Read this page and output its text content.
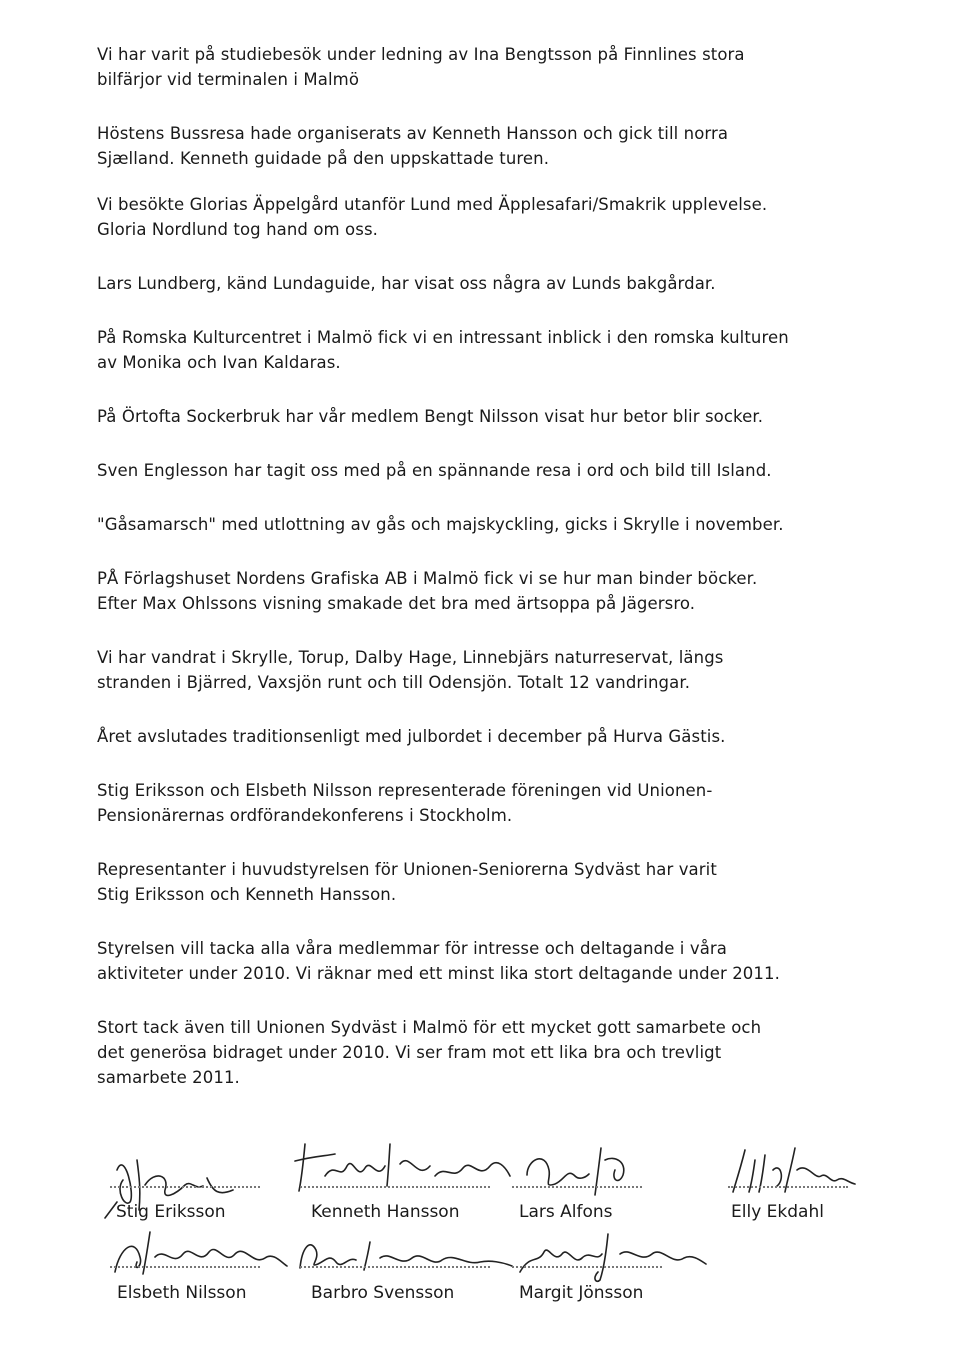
Vi har varit på studiebesök under ledning av Ina Bengtsson på Finnlines stora
bilfärjor vid terminalen i Malmö

Höstens Bussresa hade organiserats av Kenneth Hansson och gick till norra
Sjælland. Kenneth guidade på den uppskattade turen.

Vi besökte Glorias Äppelgård utanför Lund med Äpplesafari/Smakrik upplevelse.
Gloria Nordlund tog hand om oss.

Lars Lundberg, känd Lundaguide, har visat oss några av Lunds bakgårdar.

På Romska Kulturcentret i Malmö fick vi en intressant inblick i den romska kulturen
av Monika och Ivan Kaldaras.

På Örtofta Sockerbruk har vår medlem Bengt Nilsson visat hur betor blir socker.

Sven Englesson har tagit oss med på en spännande resa i ord och bild till Island.

"Gåsamarsch" med utlottning av gås och majskyckling, gicks i Skrylle i november.

PÅ Förlagshuset Nordens Grafiska AB i Malmö fick vi se hur man binder böcker.
Efter Max Ohlssons visning smakade det bra med ärtsoppa på Jägersro.

Vi har vandrat i Skrylle, Torup, Dalby Hage, Linnebjärs naturreservat, längs
stranden i Bjärred, Vaxsjön runt och till Odensjön. Totalt 12 vandringar.

Året avslutades traditionsenligt med julbordet i december på Hurva Gästis.

Stig Eriksson och Elsbeth Nilsson representerade föreningen vid Unionen-
Pensionärernas ordförandekonferens i Stockholm.

Representanter i huvudstyrelsen för Unionen-Seniorerna Sydväst har varit
Stig Eriksson och Kenneth Hansson.

Styrelsen vill tacka alla våra medlemmar för intresse och deltagande i våra
aktiviteter under 2010. Vi räknar med ett minst lika stort deltagande under 2011.

Stort tack även till Unionen Sydväst i Malmö för ett mycket gott samarbete och
det generösa bidraget under 2010. Vi ser fram mot ett lika bra och trevligt
samarbete 2011.

Stig Eriksson	Kenneth Hansson	Lars Alfons	Elly Ekdahl
Elsbeth Nilsson	Barbro Svensson	Margit Jönsson
